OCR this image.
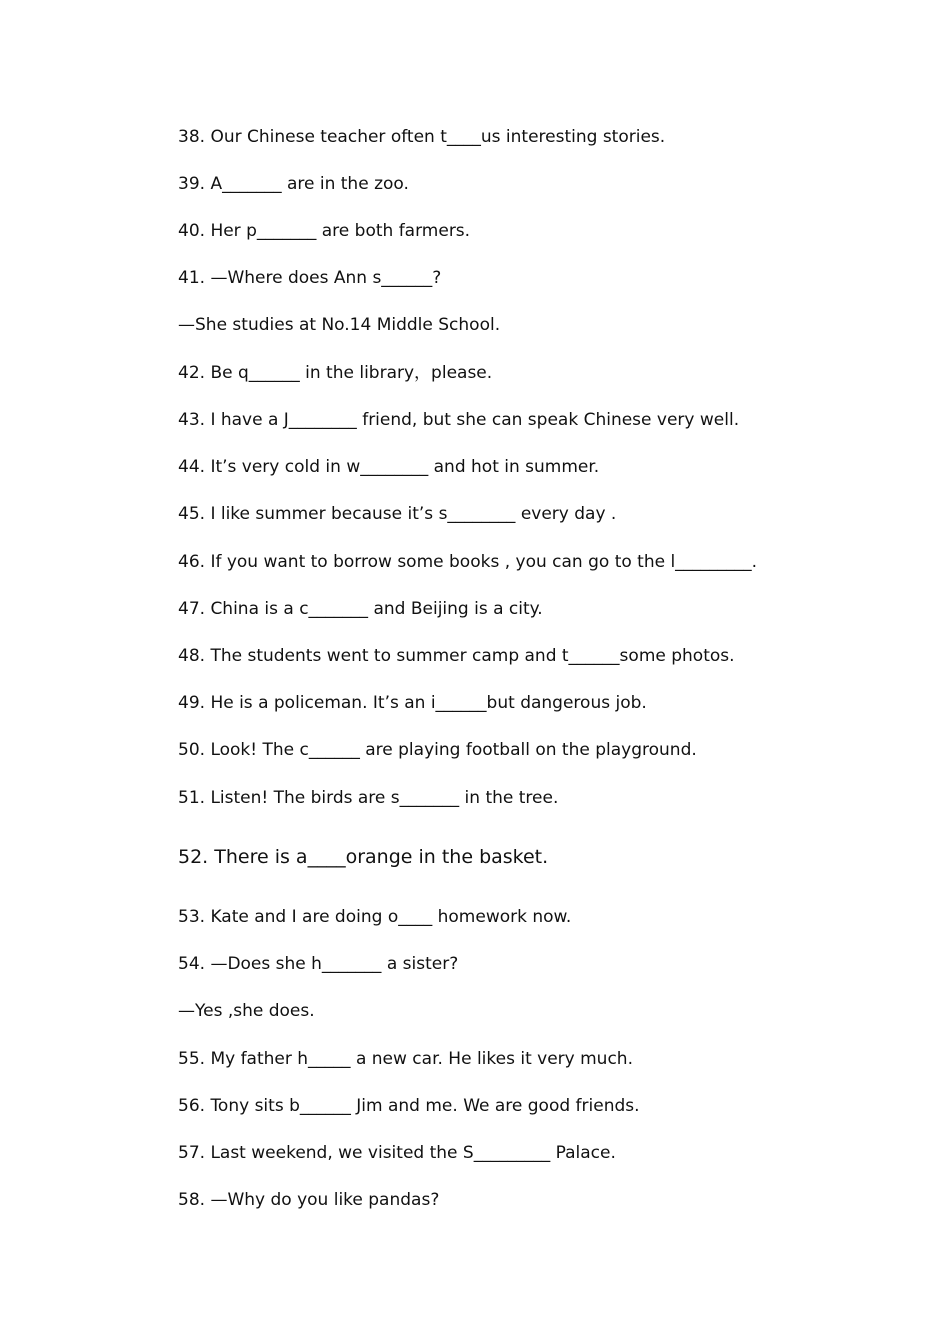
38. Our Chinese teacher often t____us interesting stories.
39. A_______ are in the zoo.
40. Her p_______ are both farmers.
41. —Where does Ann s______?
—She studies at No.14 Middle School.
42. Be q______ in the library，please.
43. I have a J________ friend, but she can speak Chinese very well.
44. It’s very cold in w________ and hot in summer.
45. I like summer because it’s s________ every day .
46. If you want to borrow some books , you can go to the l_________.
47. China is a c_______ and Beijing is a city.
48. The students went to summer camp and t______some photos.
49. He is a policeman. It’s an i______but dangerous job.
50. Look! The c______ are playing football on the playground.
51. Listen! The birds are s_______ in the tree.
52. There is a____orange in the basket.
53. Kate and I are doing o____ homework now.
54. —Does she h_______ a sister?
—Yes ,she does.
55. My father h_____ a new car. He likes it very much.
56. Tony sits b______ Jim and me. We are good friends.
57. Last weekend, we visited the S_________ Palace.
58. —Why do you like pandas?
